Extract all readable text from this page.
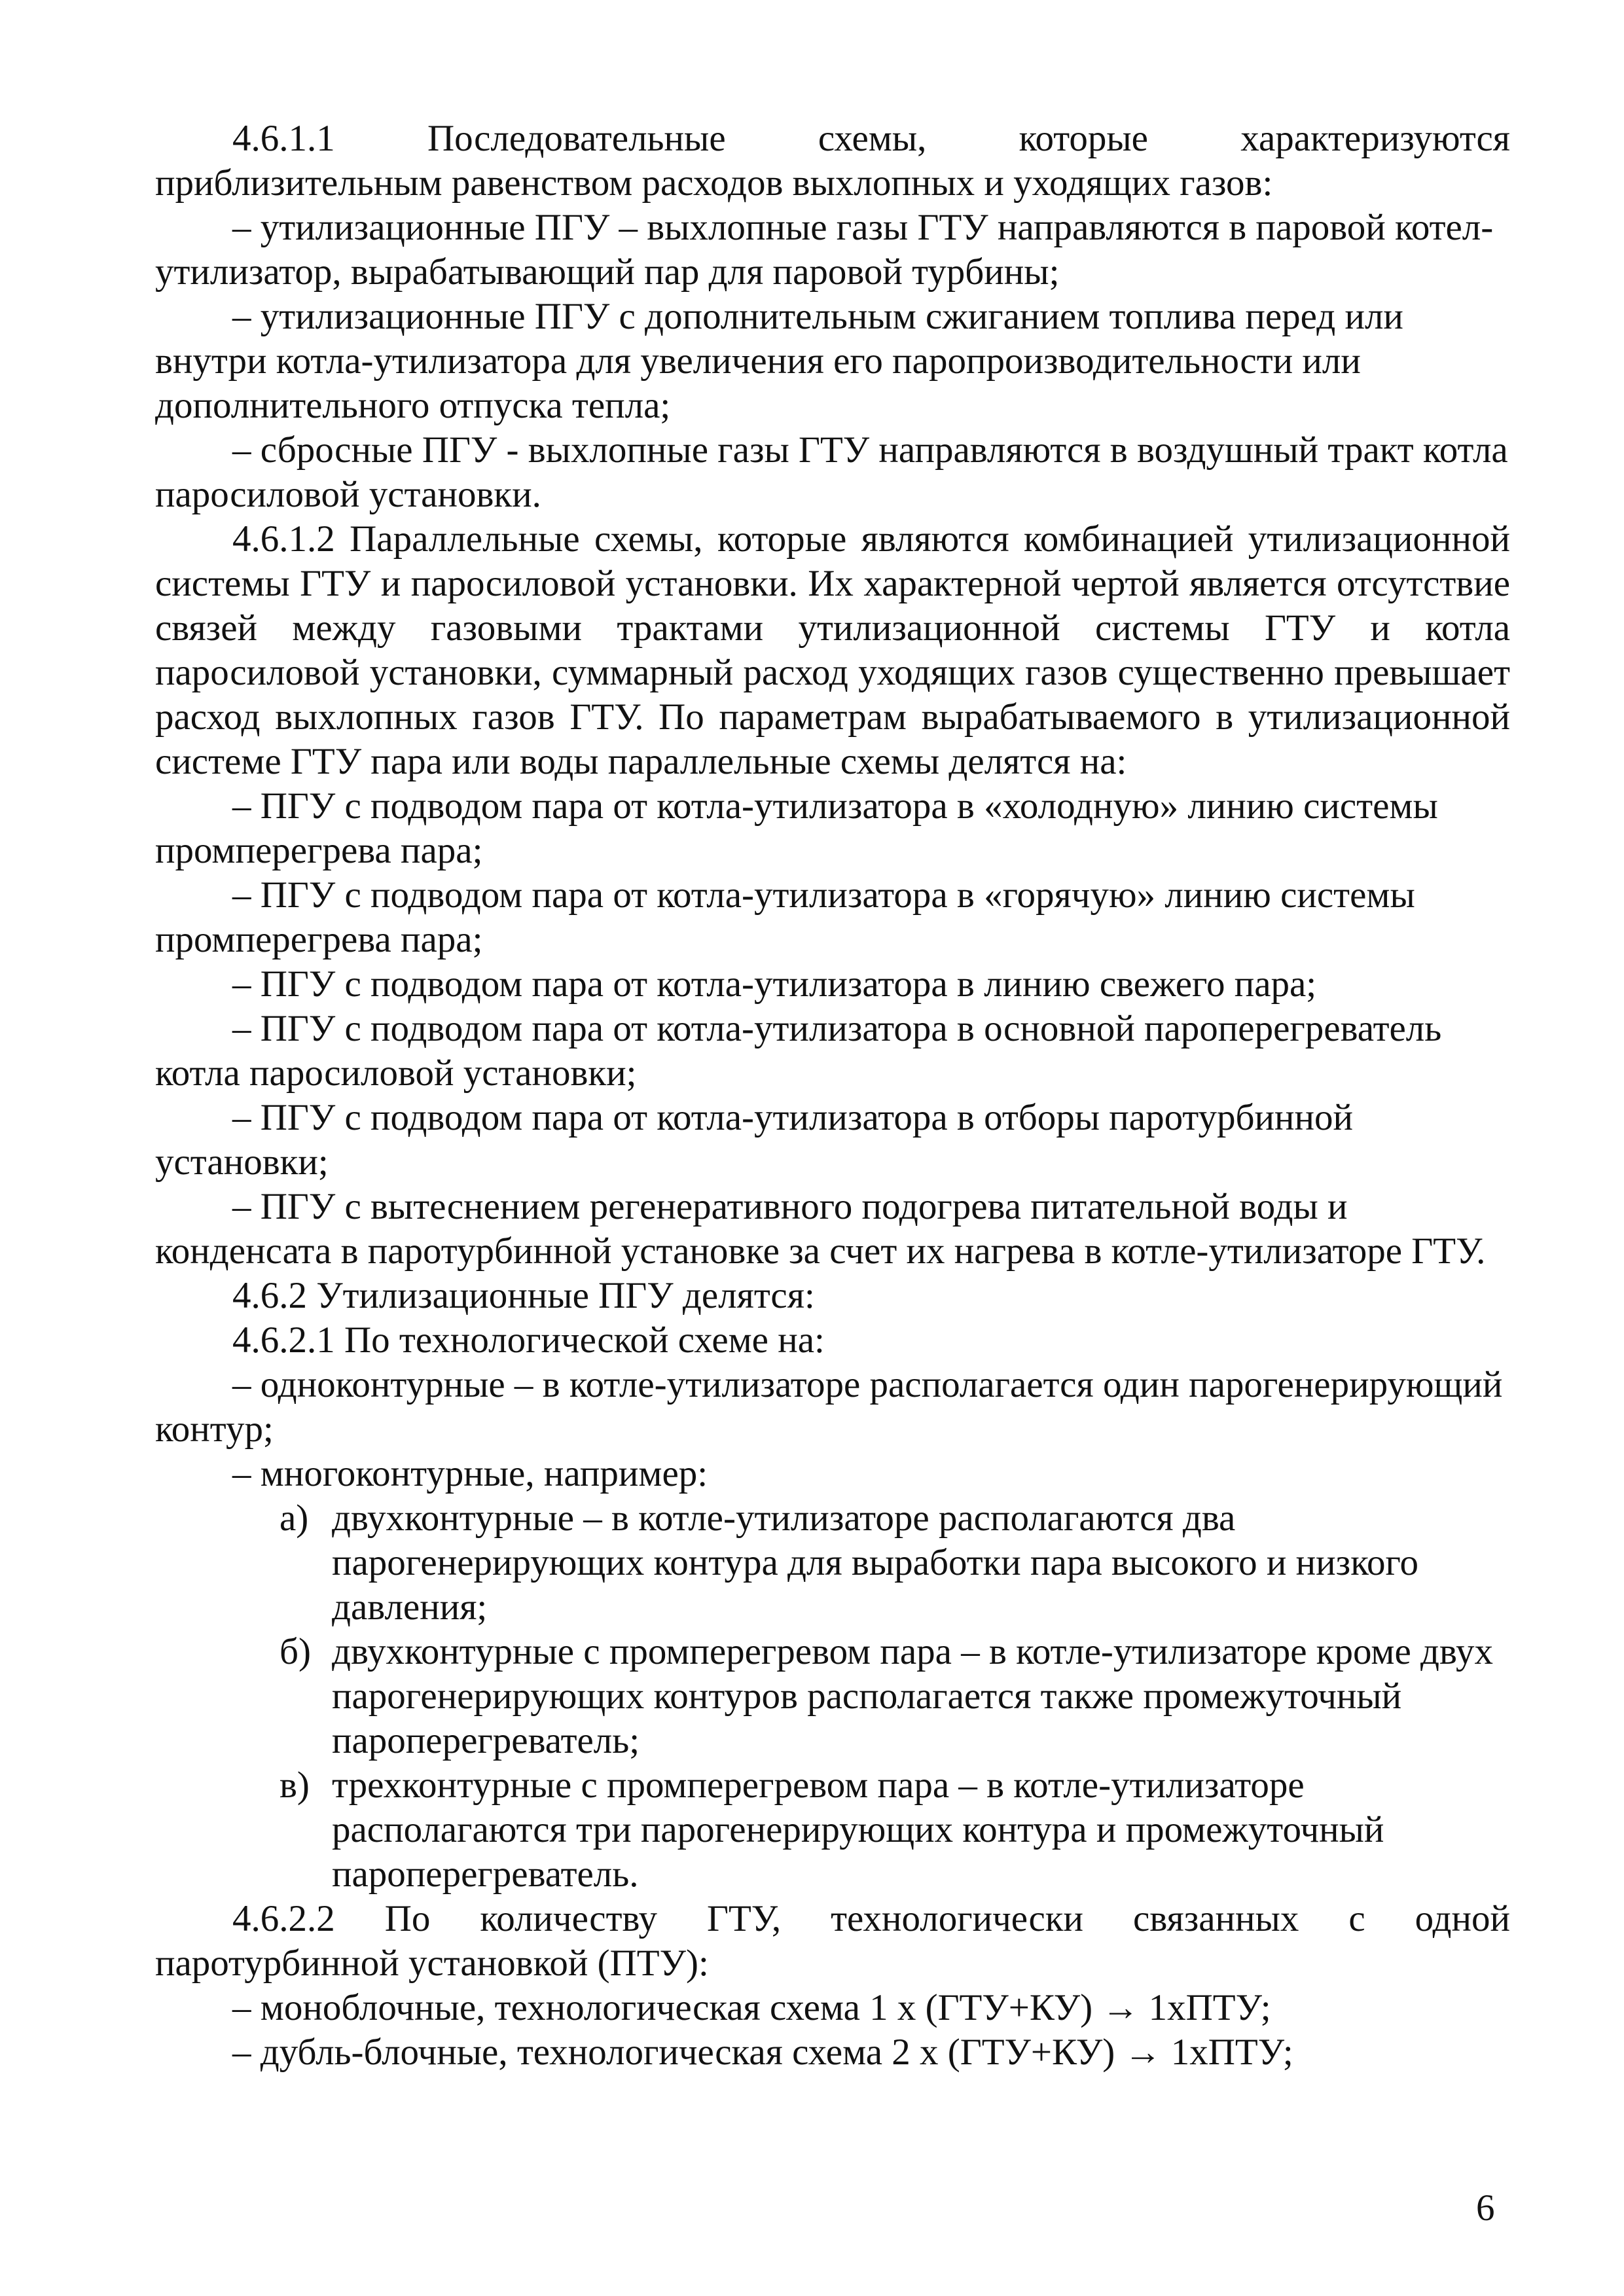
4.6.1.1 Последовательные схемы, которые характеризуются

приблизительным равенством расходов выхлопных и уходящих газов:

– утилизационные ПГУ – выхлопные газы ГТУ направляются в паровой котел-утилизатор, вырабатывающий пар для паровой турбины;

– утилизационные ПГУ с дополнительным сжиганием топлива перед или внутри котла-утилизатора для увеличения его паропроизводительности или дополнительного отпуска тепла;

– сбросные ПГУ - выхлопные газы ГТУ направляются в воздушный тракт котла паросиловой установки.

4.6.1.2 Параллельные схемы, которые являются комбинацией утилизационной системы ГТУ и паросиловой установки. Их характерной чертой является отсутствие связей между газовыми трактами утилизационной системы ГТУ и котла паросиловой установки, суммарный расход уходящих газов существенно превышает расход выхлопных газов ГТУ. По параметрам вырабатываемого в утилизационной системе ГТУ пара или воды параллельные схемы делятся на:

– ПГУ с подводом пара от котла-утилизатора в «холодную» линию системы промперегрева пара;

– ПГУ с подводом пара от котла-утилизатора в «горячую» линию системы промперегрева пара;

– ПГУ с подводом пара от котла-утилизатора в линию свежего пара;

– ПГУ с подводом пара от котла-утилизатора в основной пароперегреватель котла паросиловой установки;

– ПГУ с подводом пара от котла-утилизатора в отборы паротурбинной установки;

– ПГУ с вытеснением регенеративного подогрева питательной воды и конденсата в паротурбинной установке за счет их нагрева в котле-утилизаторе ГТУ.

4.6.2 Утилизационные ПГУ делятся:

4.6.2.1 По технологической схеме на:

– одноконтурные – в котле-утилизаторе располагается один парогенерирующий контур;

– многоконтурные, например:

а) двухконтурные – в котле-утилизаторе располагаются два парогенерирующих контура для выработки пара высокого и низкого давления;

б) двухконтурные с промперегревом пара – в котле-утилизаторе кроме двух парогенерирующих контуров располагается также промежуточный пароперегреватель;

в) трехконтурные с промперегревом пара – в котле-утилизаторе располагаются три парогенерирующих контура и промежуточный пароперегреватель.

4.6.2.2 По количеству ГТУ, технологически связанных с одной

паротурбинной установкой (ПТУ):

– моноблочные, технологическая схема 1 х (ГТУ+КУ) → 1хПТУ;

– дубль-блочные, технологическая схема 2 х (ГТУ+КУ) → 1хПТУ;

6
